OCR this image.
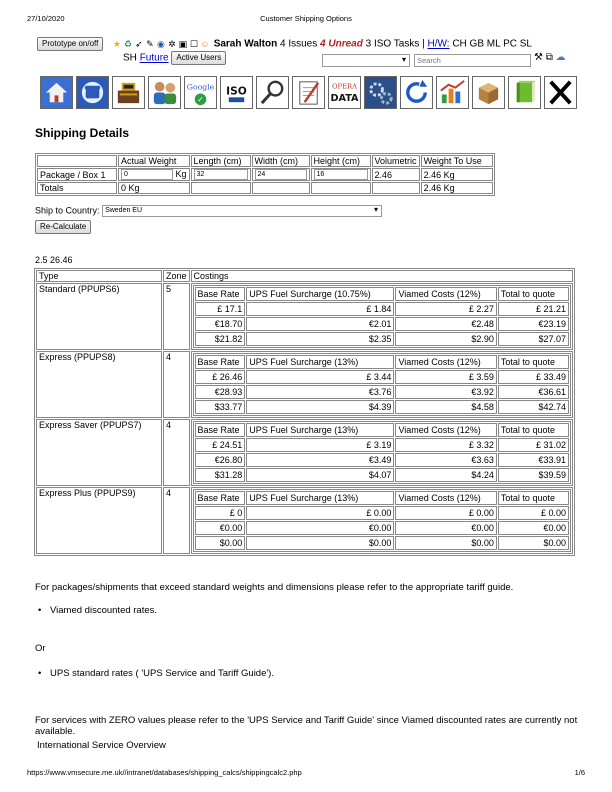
27/10/2020	Customer Shipping Options
Prototype on/off ★ ♻ ➶ ✎ ◉ ✲ ▣ ☐ ☺ Sarah Walton 4 Issues 4 Unread 3 ISO Tasks | H/W: CH GB ML PC SL
SH Future Active Users	▾
Search	⚒ ⧉ ☁
Google
✓
ISO	OPERA
DATA
Shipping Details
	Actual Weight	Length (cm)	Width (cm)	Height (cm)	Volumetric	Weight To Use
Package / Box 1	0 Kg	32	24	16	2.46	2.46 Kg
Totals	0 Kg					2.46 Kg
Ship to Country: Sweden EU	▾
Re-Calculate
2.5 26.46
Type	Zone	Costings
Standard (PPUPS6)	5		Base Rate	UPS Fuel Surcharge (10.75%)	Viamed Costs (12%)	Total to quote
£ 17.1	£ 1.84	£ 2.27	£ 21.21
€18.70	€2.01	€2.48	€23.19
$21.82	$2.35	$2.90	$27.07

Express (PPUPS8)	4		Base Rate	UPS Fuel Surcharge (13%)	Viamed Costs (12%)	Total to quote
£ 26.46	£ 3.44	£ 3.59	£ 33.49
€28.93	€3.76	€3.92	€36.61
$33.77	$4.39	$4.58	$42.74

Express Saver (PPUPS7)	4		Base Rate	UPS Fuel Surcharge (13%)	Viamed Costs (12%)	Total to quote
£ 24.51	£ 3.19	£ 3.32	£ 31.02
€26.80	€3.49	€3.63	€33.91
$31.28	$4.07	$4.24	$39.59

Express Plus (PPUPS9)	4		Base Rate	UPS Fuel Surcharge (13%)	Viamed Costs (12%)	Total to quote
£ 0	£ 0.00	£ 0.00	£ 0.00
€0.00	€0.00	€0.00	€0.00
$0.00	$0.00	$0.00	$0.00

For packages/shipments that exceed standard weights and dimensions please refer to the appropriate tariff guide.

• Viamed discounted rates.

Or

• UPS standard rates ( 'UPS Service and Tariff Guide').

For services with ZERO values please refer to the 'UPS Service and Tariff Guide' since Viamed discounted rates are currently not available.

International Service Overview

https://www.vmsecure.me.uk//intranet/databases/shipping_calcs/shippingcalc2.php	1/6
